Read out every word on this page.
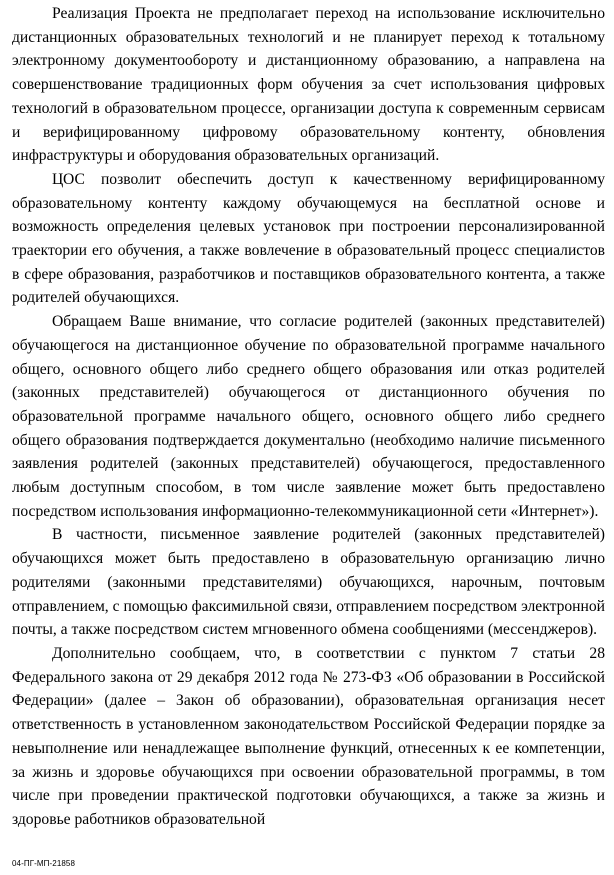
Реализация Проекта не предполагает переход на использование исключительно дистанционных образовательных технологий и не планирует переход к тотальному электронному документообороту и дистанционному образованию, а направлена на совершенствование традиционных форм обучения за счет использования цифровых технологий в образовательном процессе, организации доступа к современным сервисам и верифицированному цифровому образовательному контенту, обновления инфраструктуры и оборудования образовательных организаций.

ЦОС позволит обеспечить доступ к качественному верифицированному образовательному контенту каждому обучающемуся на бесплатной основе и возможность определения целевых установок при построении персонализированной траектории его обучения, а также вовлечение в образовательный процесс специалистов в сфере образования, разработчиков и поставщиков образовательного контента, а также родителей обучающихся.

Обращаем Ваше внимание, что согласие родителей (законных представителей) обучающегося на дистанционное обучение по образовательной программе начального общего, основного общего либо среднего общего образования или отказ родителей (законных представителей) обучающегося от дистанционного обучения по образовательной программе начального общего, основного общего либо среднего общего образования подтверждается документально (необходимо наличие письменного заявления родителей (законных представителей) обучающегося, предоставленного любым доступным способом, в том числе заявление может быть предоставлено посредством использования информационно-телекоммуникационной сети «Интернет»).

В частности, письменное заявление родителей (законных представителей) обучающихся может быть предоставлено в образовательную организацию лично родителями (законными представителями) обучающихся, нарочным, почтовым отправлением, с помощью факсимильной связи, отправлением посредством электронной почты, а также посредством систем мгновенного обмена сообщениями (мессенджеров).

Дополнительно сообщаем, что, в соответствии с пунктом 7 статьи 28 Федерального закона от 29 декабря 2012 года № 273-ФЗ «Об образовании в Российской Федерации» (далее – Закон об образовании), образовательная организация несет ответственность в установленном законодательством Российской Федерации порядке за невыполнение или ненадлежащее выполнение функций, отнесенных к ее компетенции, за жизнь и здоровье обучающихся при освоении образовательной программы, в том числе при проведении практической подготовки обучающихся, а также за жизнь и здоровье работников образовательной

04-ПГ-МП-21858
